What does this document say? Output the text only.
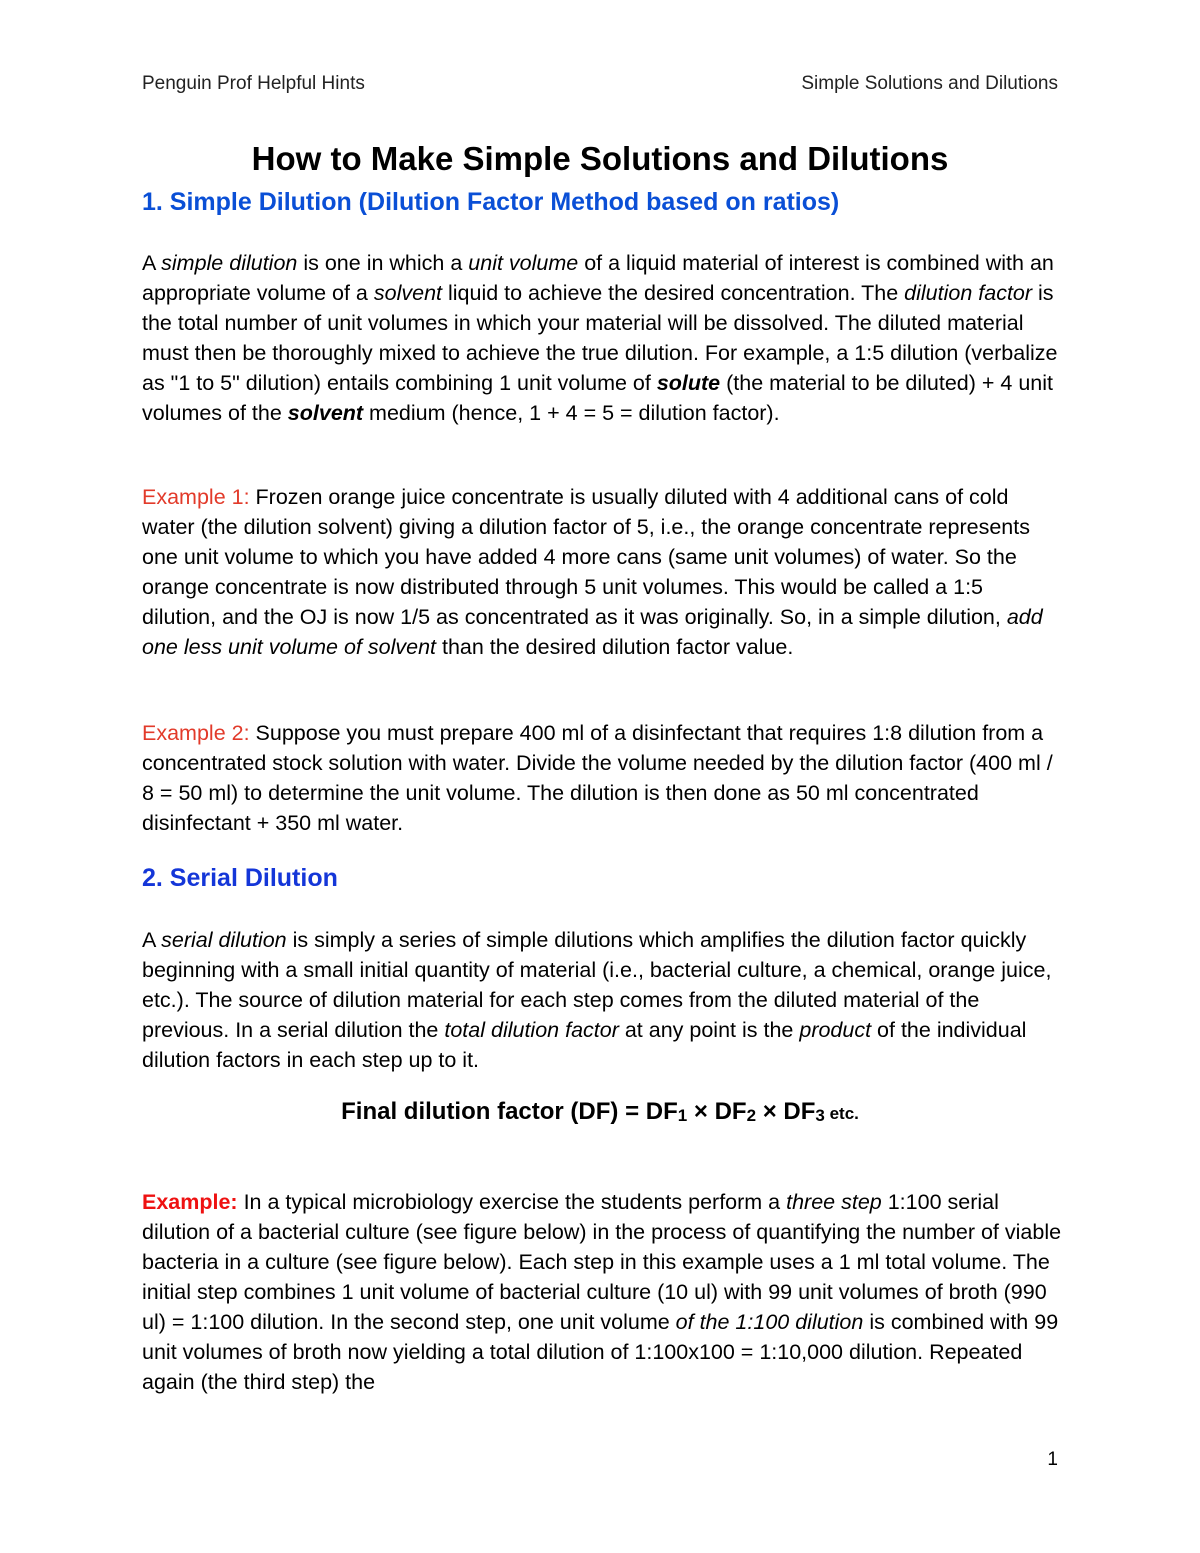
Penguin Prof Helpful Hints	Simple Solutions and Dilutions
How to Make Simple Solutions and Dilutions
1. Simple Dilution (Dilution Factor Method based on ratios)

A simple dilution is one in which a unit volume of a liquid material of interest is combined with an appropriate volume of a solvent liquid to achieve the desired concentration. The dilution factor is the total number of unit volumes in which your material will be dissolved. The diluted material must then be thoroughly mixed to achieve the true dilution. For example, a 1:5 dilution (verbalize as "1 to 5" dilution) entails combining 1 unit volume of solute (the material to be diluted) + 4 unit volumes of the solvent medium (hence, 1 + 4 = 5 = dilution factor).

Example 1: Frozen orange juice concentrate is usually diluted with 4 additional cans of cold water (the dilution solvent) giving a dilution factor of 5, i.e., the orange concentrate represents one unit volume to which you have added 4 more cans (same unit volumes) of water. So the orange concentrate is now distributed through 5 unit volumes. This would be called a 1:5 dilution, and the OJ is now 1/5 as concentrated as it was originally. So, in a simple dilution, add one less unit volume of solvent than the desired dilution factor value.

Example 2: Suppose you must prepare 400 ml of a disinfectant that requires 1:8 dilution from a concentrated stock solution with water. Divide the volume needed by the dilution factor (400 ml / 8 = 50 ml) to determine the unit volume. The dilution is then done as 50 ml concentrated disinfectant + 350 ml water.

2. Serial Dilution

A serial dilution is simply a series of simple dilutions which amplifies the dilution factor quickly beginning with a small initial quantity of material (i.e., bacterial culture, a chemical, orange juice, etc.). The source of dilution material for each step comes from the diluted material of the previous. In a serial dilution the total dilution factor at any point is the product of the individual dilution factors in each step up to it.

Final dilution factor $(DF) = DF_1 \times DF_2 \times DF_3$ etc.

Example: In a typical microbiology exercise the students perform a three step 1:100 serial dilution of a bacterial culture (see figure below) in the process of quantifying the number of viable bacteria in a culture (see figure below). Each step in this example uses a 1 ml total volume. The initial step combines 1 unit volume of bacterial culture (10 ul) with 99 unit volumes of broth (990 ul) = 1:100 dilution. In the second step, one unit volume of the 1:100 dilution is combined with 99 unit volumes of broth now yielding a total dilution of 1:100x100 = 1:10,000 dilution. Repeated again (the third step) the

1
